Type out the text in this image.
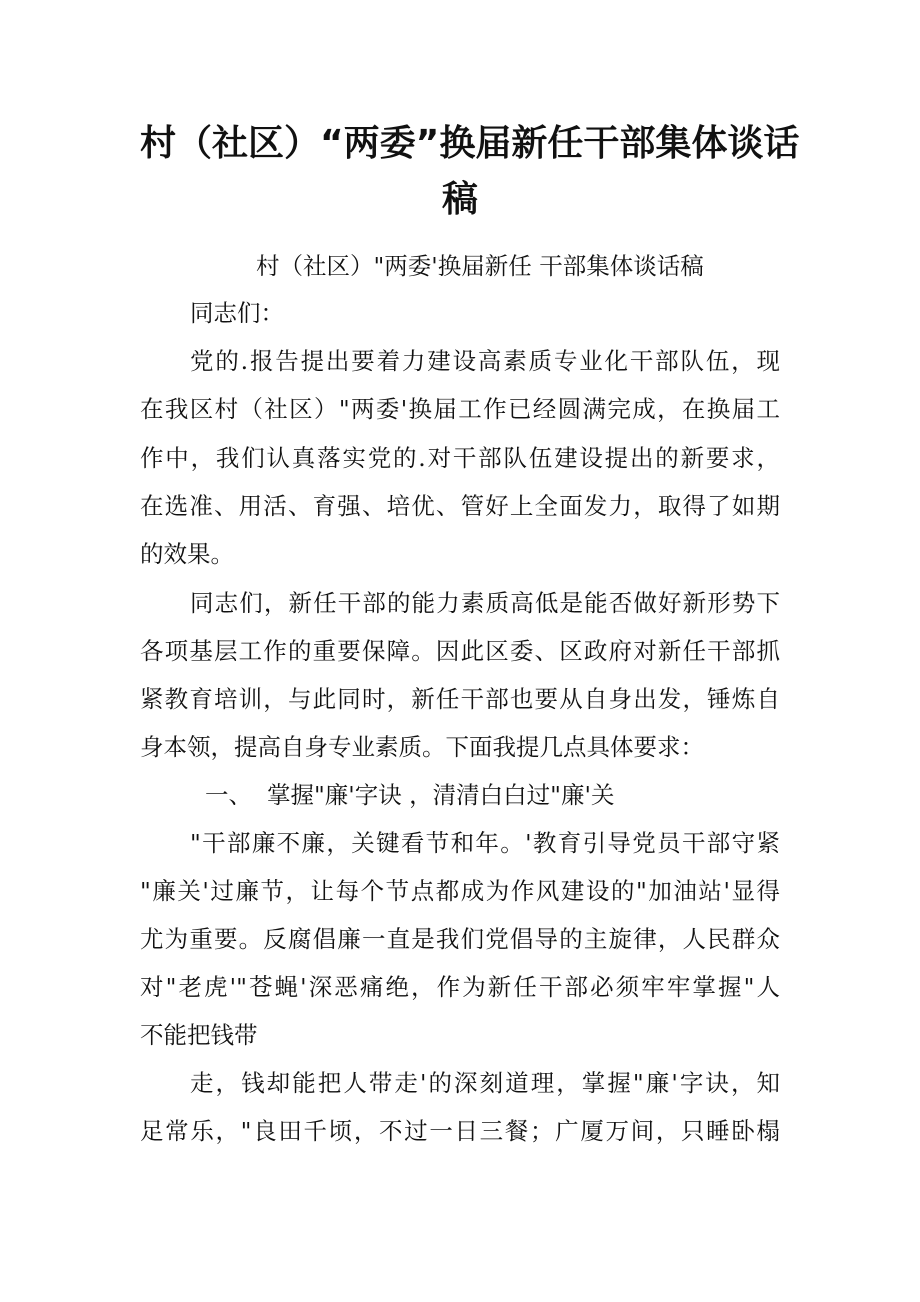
村（社区）“两委”换届新任干部集体谈话
稿

村（社区）"两委'换届新任 干部集体谈话稿

同志们：

党的.报告提出要着力建设高素质专业化干部队伍，现

在我区村（社区）"两委'换届工作已经圆满完成，在换届工

作中，我们认真落实党的.对干部队伍建设提出的新要求，

在选准、用活、育强、培优、管好上全面发力，取得了如期

的效果。

同志们，新任干部的能力素质高低是能否做好新形势下

各项基层工作的重要保障。因此区委、区政府对新任干部抓

紧教育培训，与此同时，新任干部也要从自身出发，锤炼自

身本领，提高自身专业素质。下面我提几点具体要求：

一、  掌握"廉'字诀 ，清清白白过"廉'关

"干部廉不廉，关键看节和年。'教育引导党员干部守紧

"廉关'过廉节，让每个节点都成为作风建设的"加油站'显得

尤为重要。反腐倡廉一直是我们党倡导的主旋律，人民群众

对"老虎'"苍蝇'深恶痛绝，作为新任干部必须牢牢掌握"人

不能把钱带

走，钱却能把人带走'的深刻道理，掌握"廉'字诀，知

足常乐，"良田千顷，不过一日三餐；广厦万间，只睡卧榻
